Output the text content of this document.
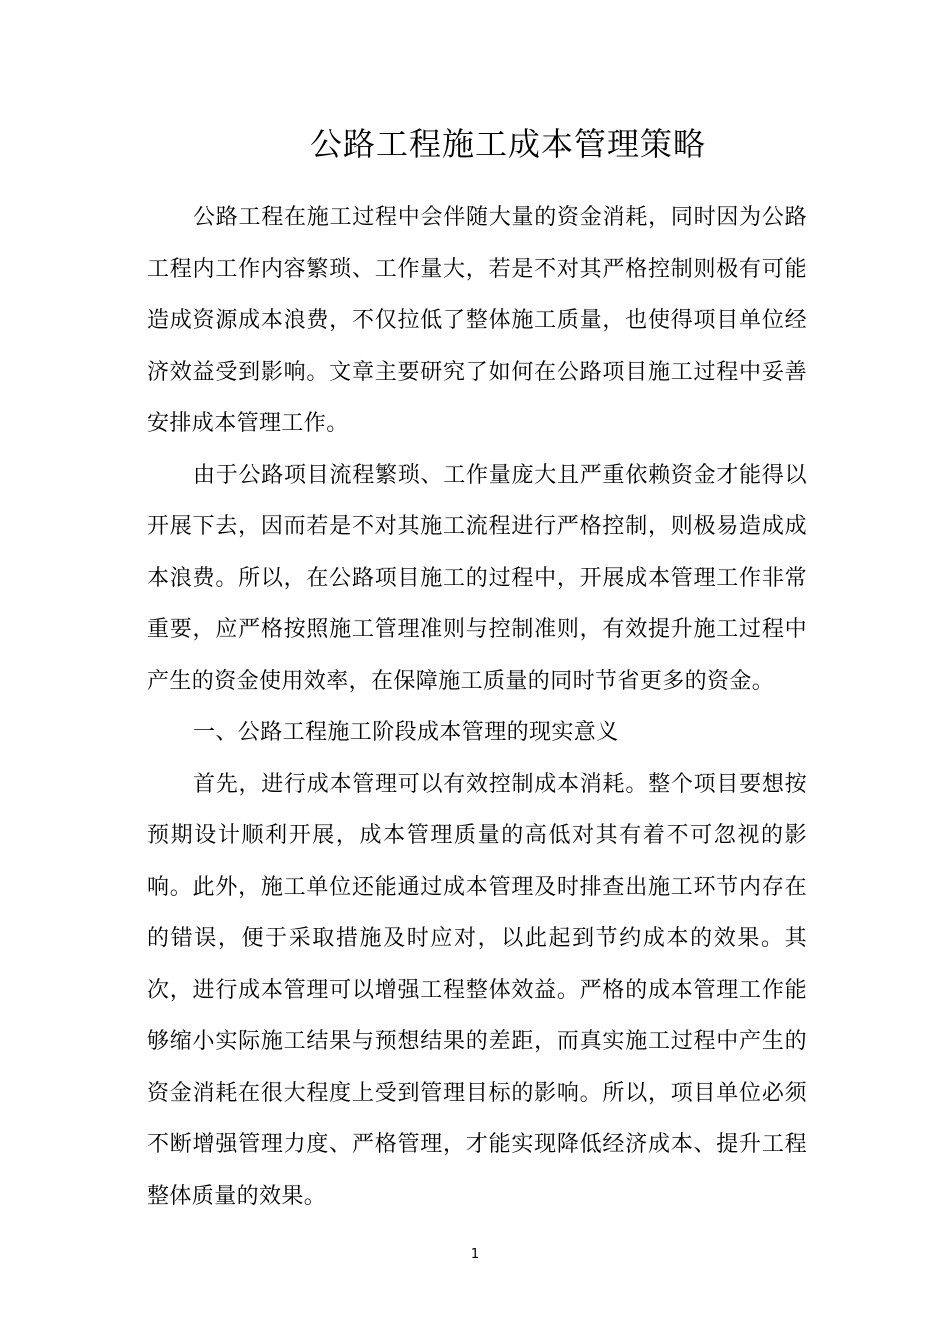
公路工程施工成本管理策略

公路工程在施工过程中会伴随大量的资金消耗，同时因为公路工程内工作内容繁琐、工作量大，若是不对其严格控制则极有可能造成资源成本浪费，不仅拉低了整体施工质量，也使得项目单位经济效益受到影响。文章主要研究了如何在公路项目施工过程中妥善安排成本管理工作。

由于公路项目流程繁琐、工作量庞大且严重依赖资金才能得以开展下去，因而若是不对其施工流程进行严格控制，则极易造成成本浪费。所以，在公路项目施工的过程中，开展成本管理工作非常重要，应严格按照施工管理准则与控制准则，有效提升施工过程中产生的资金使用效率，在保障施工质量的同时节省更多的资金。

一、公路工程施工阶段成本管理的现实意义

首先，进行成本管理可以有效控制成本消耗。整个项目要想按预期设计顺利开展，成本管理质量的高低对其有着不可忽视的影响。此外，施工单位还能通过成本管理及时排查出施工环节内存在的错误，便于采取措施及时应对，以此起到节约成本的效果。其次，进行成本管理可以增强工程整体效益。严格的成本管理工作能够缩小实际施工结果与预想结果的差距，而真实施工过程中产生的资金消耗在很大程度上受到管理目标的影响。所以，项目单位必须不断增强管理力度、严格管理，才能实现降低经济成本、提升工程整体质量的效果。

1
